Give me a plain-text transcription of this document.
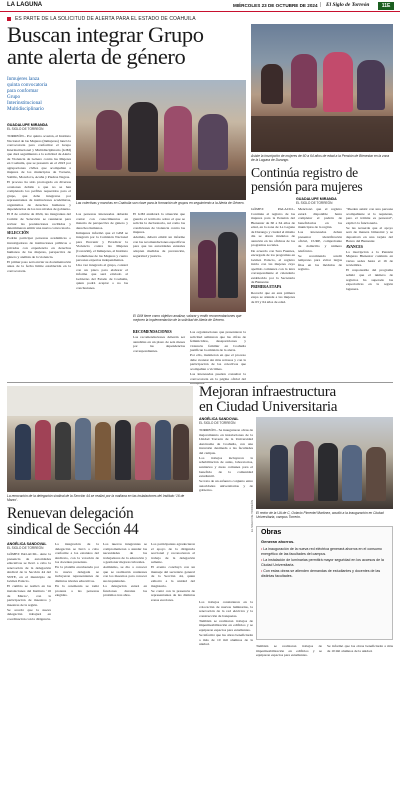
LA LAGUNA	MIÉRCOLES 23 DE OCTUBRE DE 2024 | El Siglo de Torreón	11E
ES PARTE DE LA SOLICITUD DE ALERTA PARA EL ESTADO DE COAHUILA
Buscan integrar Grupo
ante alerta de género
Asiste la inscripción de mujeres de 60 a 64 años de edad a la Pensión de Bienestar en la zona de la Laguna de Durango.
Inmujeres lanza
quinta convocatoria
para conformar
Grupo
Interinstitucional
Multidisciplinario
GUADALUPE MIRANDA
EL SIGLO DE TORREÓN

TORREÓN.- Por quinta ocasión, el Instituto Nacional de las Mujeres (Inmujeres) lanzó la convocatoria para conformar el Grupo Interinstitucional y Multidisciplinario (GIM) que dará seguimiento a la solicitud de Alerta de Violencia de Género contra las Mujeres en Coahuila, que se presentó en el 2023 por agrupaciones civiles que acompañan a mujeres de los municipios de Torreón, Saltillo, Monclova, Acuña y Piedras Negras.

El proceso ha sido prorrogado en diversas ocasiones debido a que no se han completado los perfiles requeridos para el grupo, que debe integrarse por representantes de instituciones académicas, organismos de derechos humanos y dependencias de los tres niveles de gobierno.

El 8 de octubre de 2024, las integrantes del Comité de Selección se reunieron para revisar las postulaciones recibidas y determinaron emitir una nueva convocatoria.

SELECCIÓN

Podrán participar personas académicas o investigadoras de instituciones públicas o privadas con experiencia en derechos humanos de las mujeres, perspectiva de género y análisis de la violencia.

El primer paso será enviar su documentación antes de la fecha límite establecida en la convocatoria.

Las colectivas y marchas en Coahuila son clave para la formación de grupos en seguimiento a la Alerta de Género.

Las personas interesadas deberán contar con conocimientos en materia de perspectiva de género y derechos humanos.

Inmujeres informó que el GIM se integrará por la Comisión Nacional para Prevenir y Erradicar la Violencia contra las Mujeres (Conavim), el Inmujeres, el Instituto Coahuilense de las Mujeres y cuatro personas expertas independientes.

Una vez integrado el grupo, contará con un plazo para elaborar el informe que será enviado al Gobierno del Estado de Coahuila, quien podrá aceptar o no las conclusiones.

El GIM analizará la situación que guarda el territorio sobre el que se solicita la declaratoria, así como las condiciones de violencia contra las mujeres.

Además, deberá emitir un informe con las recomendaciones específicas para que las autoridades estatales adopten medidas de prevención, seguridad y justicia.

El GIM tiene como objetivo analizar, valorar y emitir recomendaciones que mejoren la implementación de la solicitud de Alerta de Género.

RECOMENDACIONES

Las recomendaciones deberán ser atendidas en un plazo de seis meses por las dependencias correspondientes.

Las organizaciones que presentaron la solicitud señalaron que las cifras de feminicidios, desapariciones y violencia familiar en Coahuila justifican la emisión de la alerta.

Por ello, insistieron en que el proceso debe avanzar sin más retrasos y con la participación de las colectivas que acompañan a víctimas.

Las interesadas pueden consultar la convocatoria en la página oficial del Inmujeres.

Continúa registro de
pensión para mujeres
GUADALUPE MIRANDA
EL SIGLO DE TORREÓN

GÓMEZ PALACIO.- Continúa el registro de las mujeres para la Pensión del Bienestar de 60 a 64 años de edad, en la zona de La Laguna de Durango y ciudad el mismo día se abren módulos de atención en las oficinas de los programas sociales.

De acuerdo con Sara Fuentes, encargada de los programas en Gómez Palacio, el registro inicia con las mujeres cuyo apellido comienza con la letra correspondiente al calendario establecido por la Secretaría de Bienestar.

PRIMERA ETAPA

Recordó que en esta primera etapa se atiende a las mujeres de 63 y 64 años de edad.

Mencionó que el registro estará disponible hasta completar el padrón de beneficiarias en los municipios de la región.

Las interesadas deben presentar identificación oficial, CURP, comprobante de domicilio y número telefónico.

Se recomienda acudir temprano para evitar largas filas en los módulos de registro.

"Pueden asistir con una persona acompañante si lo requieren, pero el trámite es personal", explicó la funcionaria.

Se les recuerda que el apoyo será de manera bimestral y se depositará en una tarjeta del Banco del Bienestar.

AVANCES

La inscripción a la Pensión Mujeres Bienestar continúa en varias sedes hasta el 16 de noviembre.

El responsable del programa señaló que el número de registros ha superado las expectativas en la región lagunera.

La renovación de la delegación sindical de la Sección 44 se realizó por la mañana en las instalaciones del Instituto ‘16 de Marzo’.
Mejoran infraestructura
en Ciudad Universitaria
ANGÉLICA SANDOVAL
EL SIGLO DE TORREÓN
EL SIGLO DE TORREÓN El rector de la UA de C, Octavio Pimentel Martínez, acudió a la inauguración en Ciudad Universitaria, campus Torreón.

TORREÓN.- Se inauguraron obras de mejoramiento en instalaciones de la Unidad Torreón de la Universidad Autónoma de Coahuila, con una inversión destinada a las facultades del campus.

Los trabajos incluyeron la rehabilitación de aulas, laboratorios, sanitarios y áreas comunes para el beneficio de la comunidad estudiantil.

Se trata de un esfuerzo conjunto entre autoridades universitarias y de gobierno.

Los trabajos consistieron en la colocación de nuevas luminarias, la renovación de la red eléctrica y la construcción de banquetas.

También se realizaron trabajos de impermeabilización en edificios y se equiparon espacios para estudiantes.

Se informó que las obras beneficiarán a más de 10 mil alumnos de la unidad.

Obras
Generan ahorros.

• La inauguración de la nueva red eléctrica generará ahorros en el consumo energético de las facultades del campus.

• La instalación de luminarias permitirá mayor seguridad en los accesos de la Ciudad Universitaria.

• Con estas obras se atienden demandas de estudiantes y docentes de las distintas facultades.

Renuevan delegación
sindical de Sección 44
ANGÉLICA SANDOVAL
EL SIGLO DE TORREÓN

GÓMEZ PALACIO.- Ante la presencia de autoridades educativas se llevó a cabo la renovación de la delegación sindical de la Sección 44 del SNTE, en el municipio de Gómez Palacio.

El cambio se realizó en las instalaciones del Instituto ‘16 de Marzo’, con la participación de maestros y maestras de la región.

Se acordó que la nueva delegación trabajará en coordinación con la dirigencia.

La integración de la delegación se llevó a cabo conforme a los estatutos del sindicato, con la votación de los docentes presentes.

En la planilla encabezada por la nueva delegada se incluyeron representantes de distintos niveles educativos.

En la ceremonia se tomó protesta a las personas elegidas.

Los nuevos integrantes se comprometieron a atender las necesidades de los trabajadores de la educación y a gestionar mejoras laborales.

Asimismo, se dio a conocer que se realizarán reuniones con los maestros para conocer sus inquietudes.

La delegación estará en funciones durante los próximos tres años.

Los participantes agradecieron el apoyo de la dirigencia seccional y reconocieron el trabajo de la delegación saliente.

El evento concluyó con un mensaje del secretario general de la Sección 44, quien exhortó a la unidad del magisterio.

Se contó con la presencia de representantes de las distintas zonas escolares.

También se realizaron trabajos de impermeabilización en edificios y se equiparon espacios para estudiantes.

Se informó que las obras beneficiarán a más de 10 mil alumnos de la unidad.
